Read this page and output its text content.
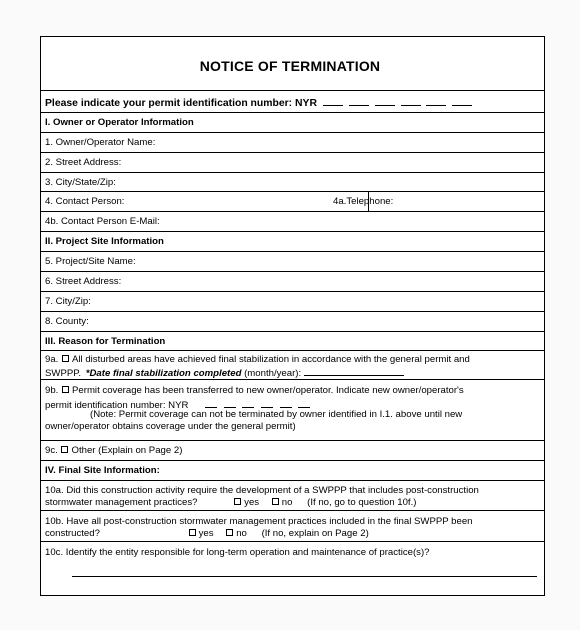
NOTICE OF TERMINATION
Please indicate your permit identification number: NYR
I. Owner or Operator Information
1. Owner/Operator Name:
2. Street Address:
3. City/State/Zip:
4. Contact Person:	4a.Telephone:
4b. Contact Person E-Mail:
II. Project Site Information
5. Project/Site Name:
6. Street Address:
7. City/Zip:
8. County:
III. Reason for Termination
9a. All disturbed areas have achieved final stabilization in accordance with the general permit and
SWPPP. *Date final stabilization completed (month/year):
9b. Permit coverage has been transferred to new owner/operator. Indicate new owner/operator's
permit identification number: NYR
(Note: Permit coverage can not be terminated by owner identified in I.1. above until new
owner/operator obtains coverage under the general permit)
9c. Other (Explain on Page 2)
IV. Final Site Information:
10a. Did this construction activity require the development of a SWPPP that includes post-construction
stormwater management practices?	yes no (If no, go to question 10f.)
10b. Have all post-construction stormwater management practices included in the final SWPPP been
constructed?	yes no (If no, explain on Page 2)
10c. Identify the entity responsible for long-term operation and maintenance of practice(s)?
